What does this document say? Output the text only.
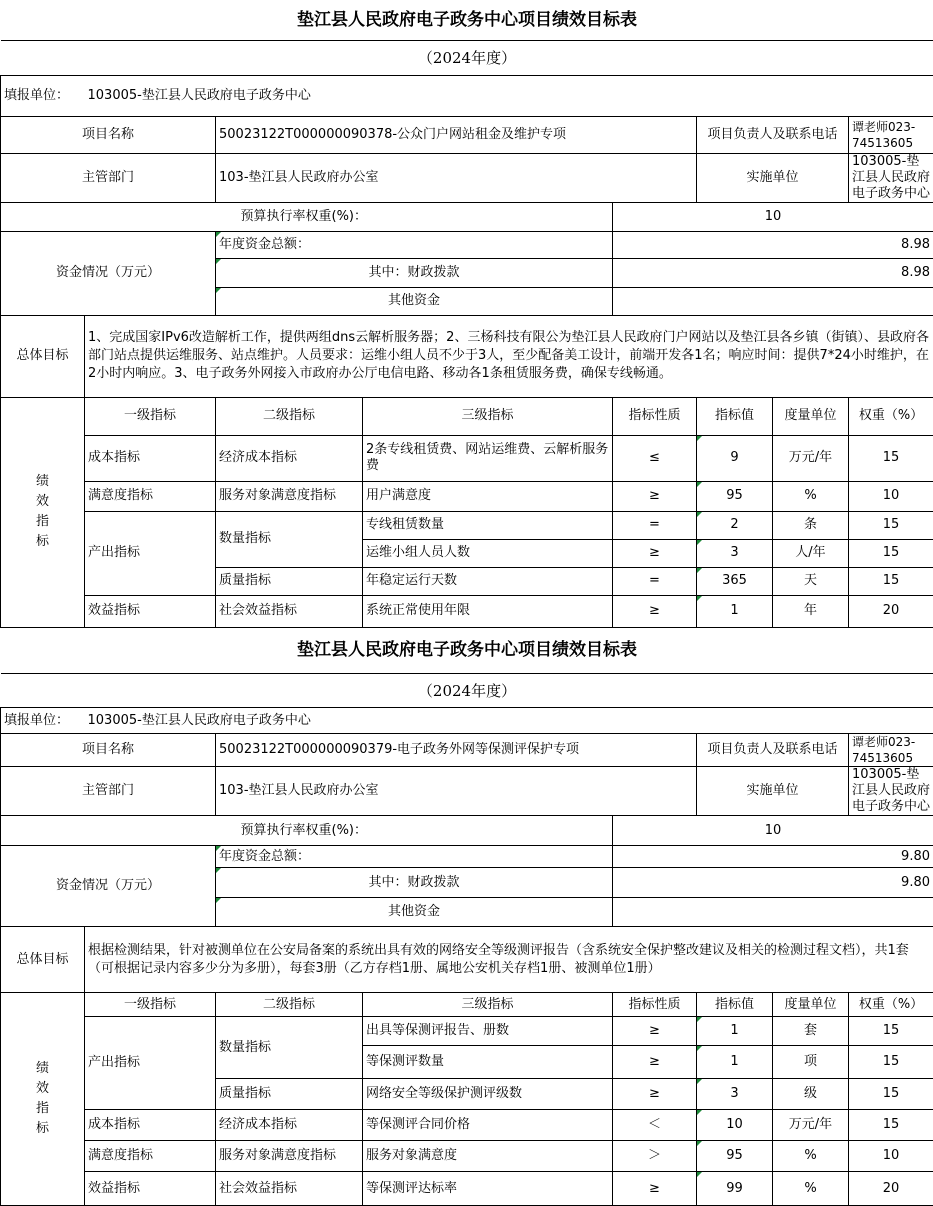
垫江县人民政府电子政务中心项目绩效目标表							
（2024年度）							
填报单位：	103005-垫江县人民政府电子政务中心						
项目名称		50023122T000000090378-公众门户网站租金及维护专项			项目负责人及联系电话		谭老师023-74513605
主管部门		103-垫江县人民政府办公室			实施单位		103005-垫江县人民政府电子政务中心
预算执行率权重(%)：				10			
资金情况（万元）		年度资金总额：		8.98			
		其中：财政拨款		8.98			
		其他资金					
总体目标	1、完成国家IPv6改造解析工作，提供两组dns云解析服务器；2、三杨科技有限公为垫江县人民政府门户网站以及垫江县各乡镇（街镇）、县政府各部门站点提供运维服务、站点维护。人员要求：运维小组人员不少于3人，至少配备美工设计，前端开发各1名；响应时间：提供7*24小时维护，在2小时内响应。3、电子政务外网接入市政府办公厅电信电路、移动各1条租赁服务费，确保专线畅通。						

绩效指标	一级指标	二级指标	三级指标	指标性质	指标值	度量单位	权重（%）
	成本指标	经济成本指标	2条专线租赁费、网站运维费、云解析服务费	≤	9	万元/年	15
	满意度指标	服务对象满意度指标	用户满意度	≥	95	%	10
	产出指标	数量指标	专线租赁数量	=	2	条	15
			运维小组人员人数	≥	3	人/年	15
		质量指标	年稳定运行天数	=	365	天	15
	效益指标	社会效益指标	系统正常使用年限	≥	1	年	20
垫江县人民政府电子政务中心项目绩效目标表							
（2024年度）							
填报单位：	103005-垫江县人民政府电子政务中心						
项目名称		50023122T000000090379-电子政务外网等保测评保护专项			项目负责人及联系电话		谭老师023-74513605
主管部门		103-垫江县人民政府办公室			实施单位		103005-垫江县人民政府电子政务中心
预算执行率权重(%)：				10			
资金情况（万元）		年度资金总额：		9.80			
		其中：财政拨款		9.80			
		其他资金					
总体目标	根据检测结果，针对被测单位在公安局备案的系统出具有效的网络安全等级测评报告（含系统安全保护整改建议及相关的检测过程文档），共1套（可根据记录内容多少分为多册），每套3册（乙方存档1册、属地公安机关存档1册、被测单位1册）						

绩效指标	一级指标	二级指标	三级指标	指标性质	指标值	度量单位	权重（%）
	产出指标	数量指标	出具等保测评报告、册数	≥	1	套	15
			等保测评数量	≥	1	项	15
		质量指标	网络安全等级保护测评级数	≥	3	级	15
	成本指标	经济成本指标	等保测评合同价格	＜	10	万元/年	15
	满意度指标	服务对象满意度指标	服务对象满意度	＞	95	%	10
	效益指标	社会效益指标	等保测评达标率	≥	99	%	20
